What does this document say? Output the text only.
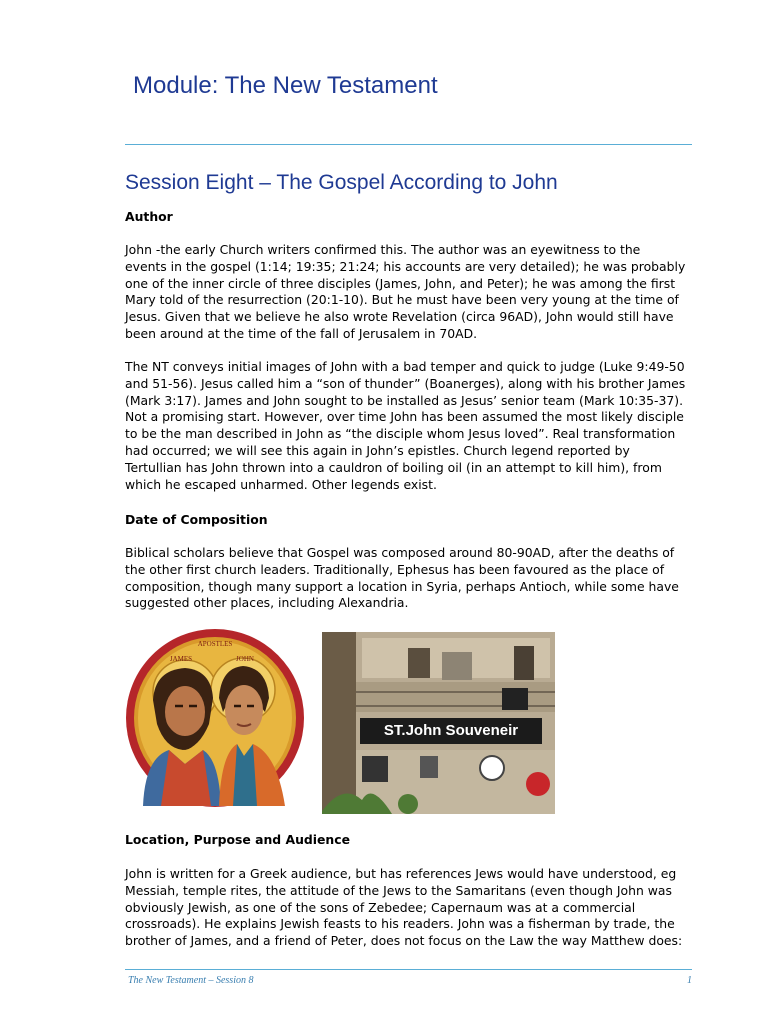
Module: The New Testament
Session Eight – The Gospel According to John
Author
John -the early Church writers confirmed this. The author was an eyewitness to the
events in the gospel (1:14; 19:35; 21:24; his accounts are very detailed); he was probably
one of the inner circle of three disciples (James, John, and Peter); he was among the first
Mary told of the resurrection (20:1-10). But he must have been very young at the time of
Jesus. Given that we believe he also wrote Revelation (circa 96AD), John would still have
been around at the time of the fall of Jerusalem in 70AD.
The NT conveys initial images of John with a bad temper and quick to judge (Luke 9:49-50
and 51-56). Jesus called him a “son of thunder” (Boanerges), along with his brother James
(Mark 3:17). James and John sought to be installed as Jesus’ senior team (Mark 10:35-37).
Not a promising start. However, over time John has been assumed the most likely disciple
to be the man described in John as “the disciple whom Jesus loved”. Real transformation
had occurred; we will see this again in John’s epistles. Church legend reported by
Tertullian has John thrown into a cauldron of boiling oil (in an attempt to kill him), from
which he escaped unharmed. Other legends exist.
Date of Composition
Biblical scholars believe that Gospel was composed around 80-90AD, after the deaths of
the other first church leaders. Traditionally, Ephesus has been favoured as the place of
composition, though many support a location in Syria, perhaps Antioch, while some have
suggested other places, including Alexandria.
APOSTLES
JAMES	JOHN
ST.John Souveneir
Location, Purpose and Audience
John is written for a Greek audience, but has references Jews would have understood, eg
Messiah, temple rites, the attitude of the Jews to the Samaritans (even though John was
obviously Jewish, as one of the sons of Zebedee; Capernaum was at a commercial
crossroads). He explains Jewish feasts to his readers. John was a fisherman by trade, the
brother of James, and a friend of Peter, does not focus on the Law the way Matthew does:
The New Testament – Session 8	1
